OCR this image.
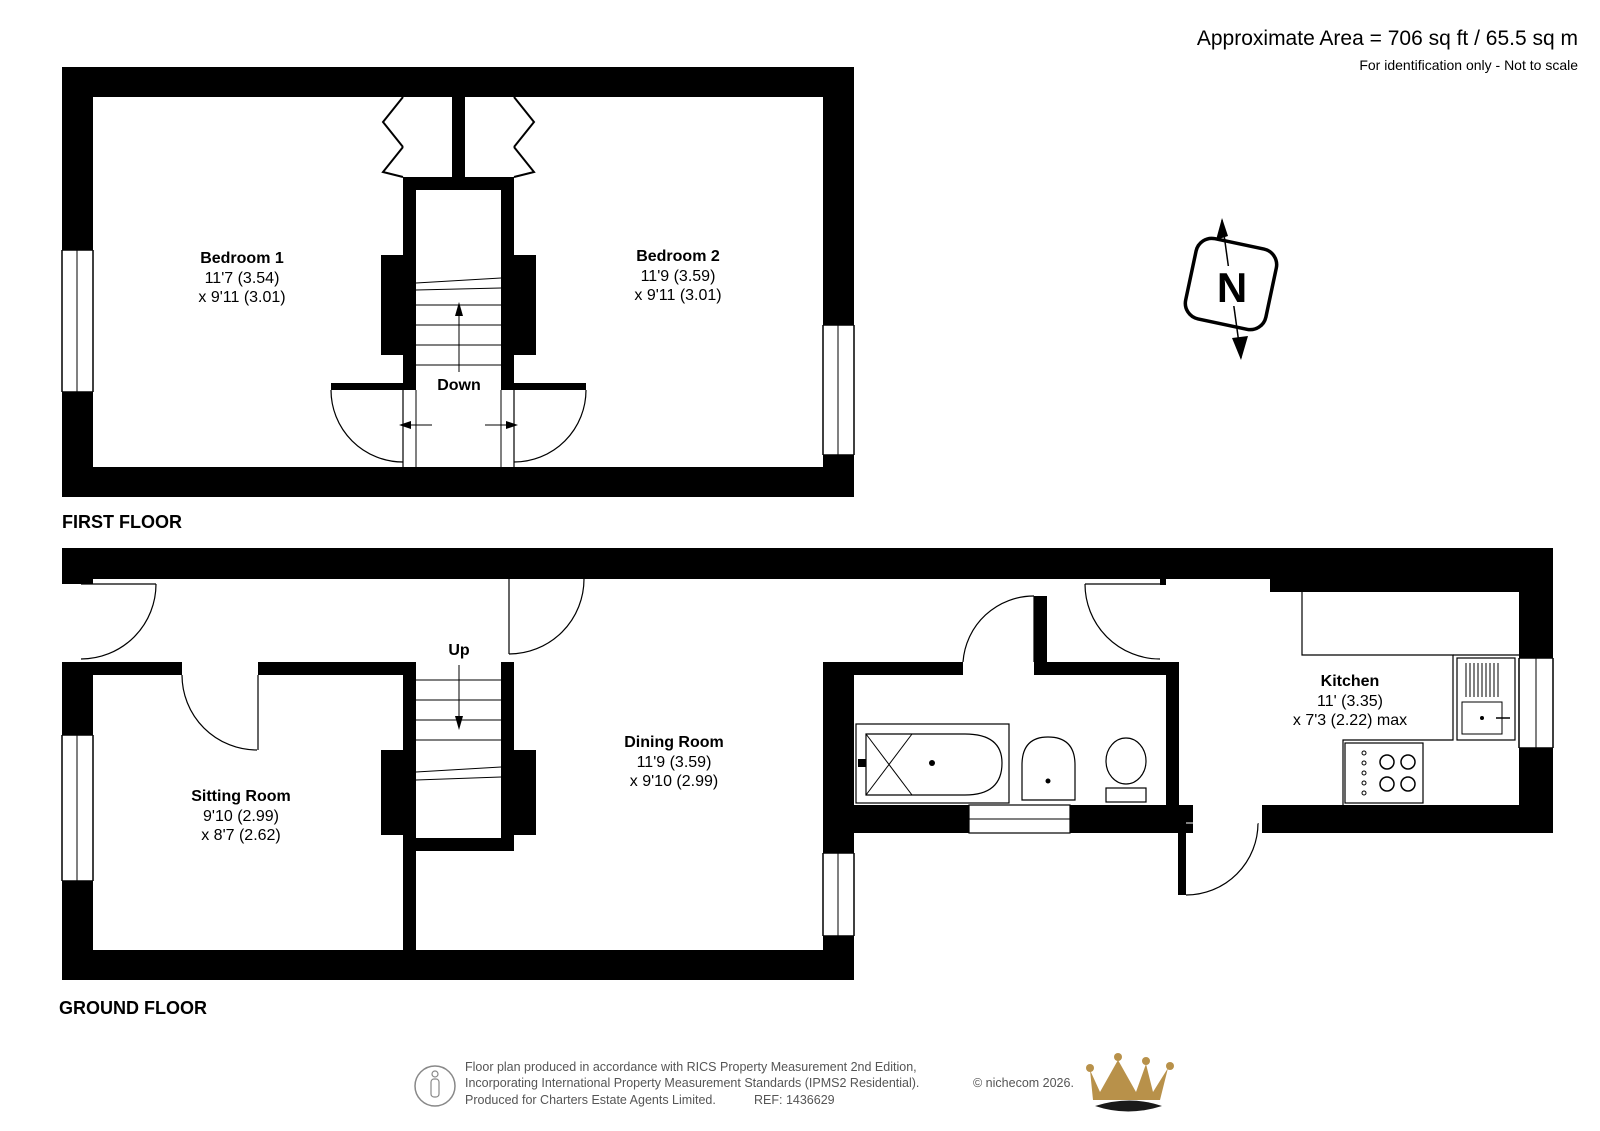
Approximate Area = 706 sq ft / 65.5 sq m
For identification only - Not to scale
N
FIRST FLOOR
Down
Bedroom 1
11'7 (3.54)
x 9'11 (3.01)
Bedroom 2
11'9 (3.59)
x 9'11 (3.01)
GROUND FLOOR
Up
Sitting Room
9'10 (2.99)
x 8'7 (2.62)
Dining Room
11'9 (3.59)
x 9'10 (2.99)
Kitchen
11' (3.35)
x 7'3 (2.22) max
Floor plan produced in accordance with RICS Property Measurement 2nd Edition,
Incorporating International Property Measurement Standards (IPMS2 Residential).
Produced for Charters Estate Agents Limited.	REF: 1436629
© nichecom 2026.
